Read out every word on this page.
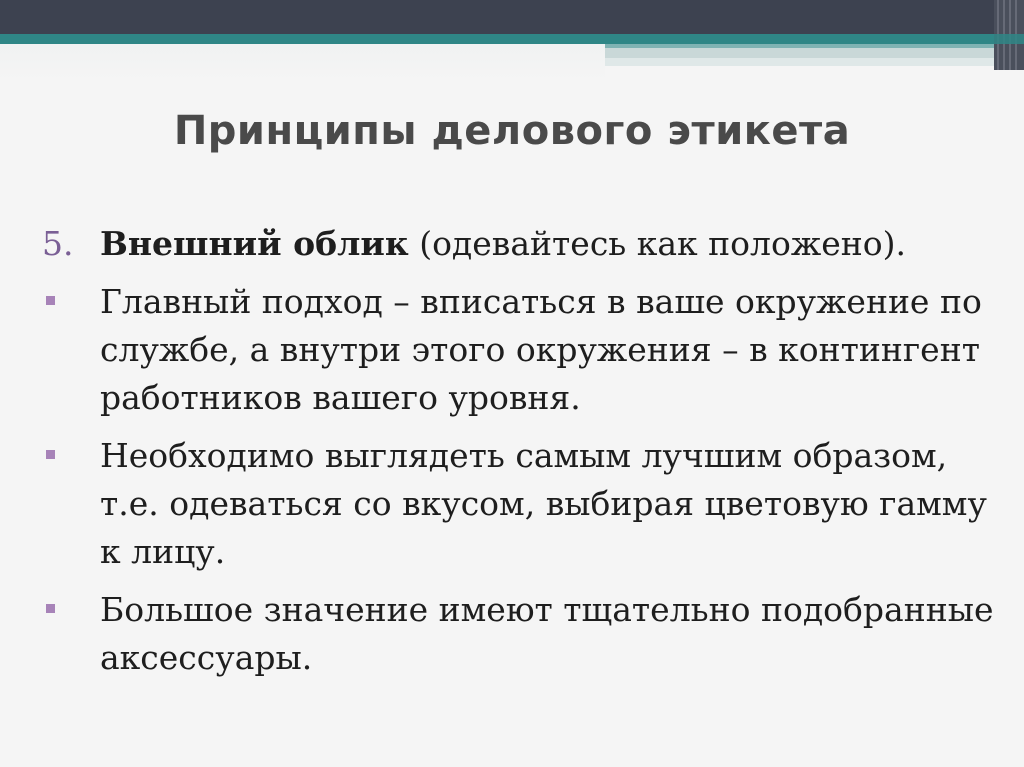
Принципы делового этикета
5. Внешний облик (одевайтесь как положено).
Главный подход – вписаться в ваше окружение по службе, а внутри этого окружения – в контингент работников вашего уровня.
Необходимо выглядеть самым лучшим образом, т.е. одеваться со вкусом, выбирая цветовую гамму к лицу.
Большое значение имеют тщательно подобранные аксессуары.
